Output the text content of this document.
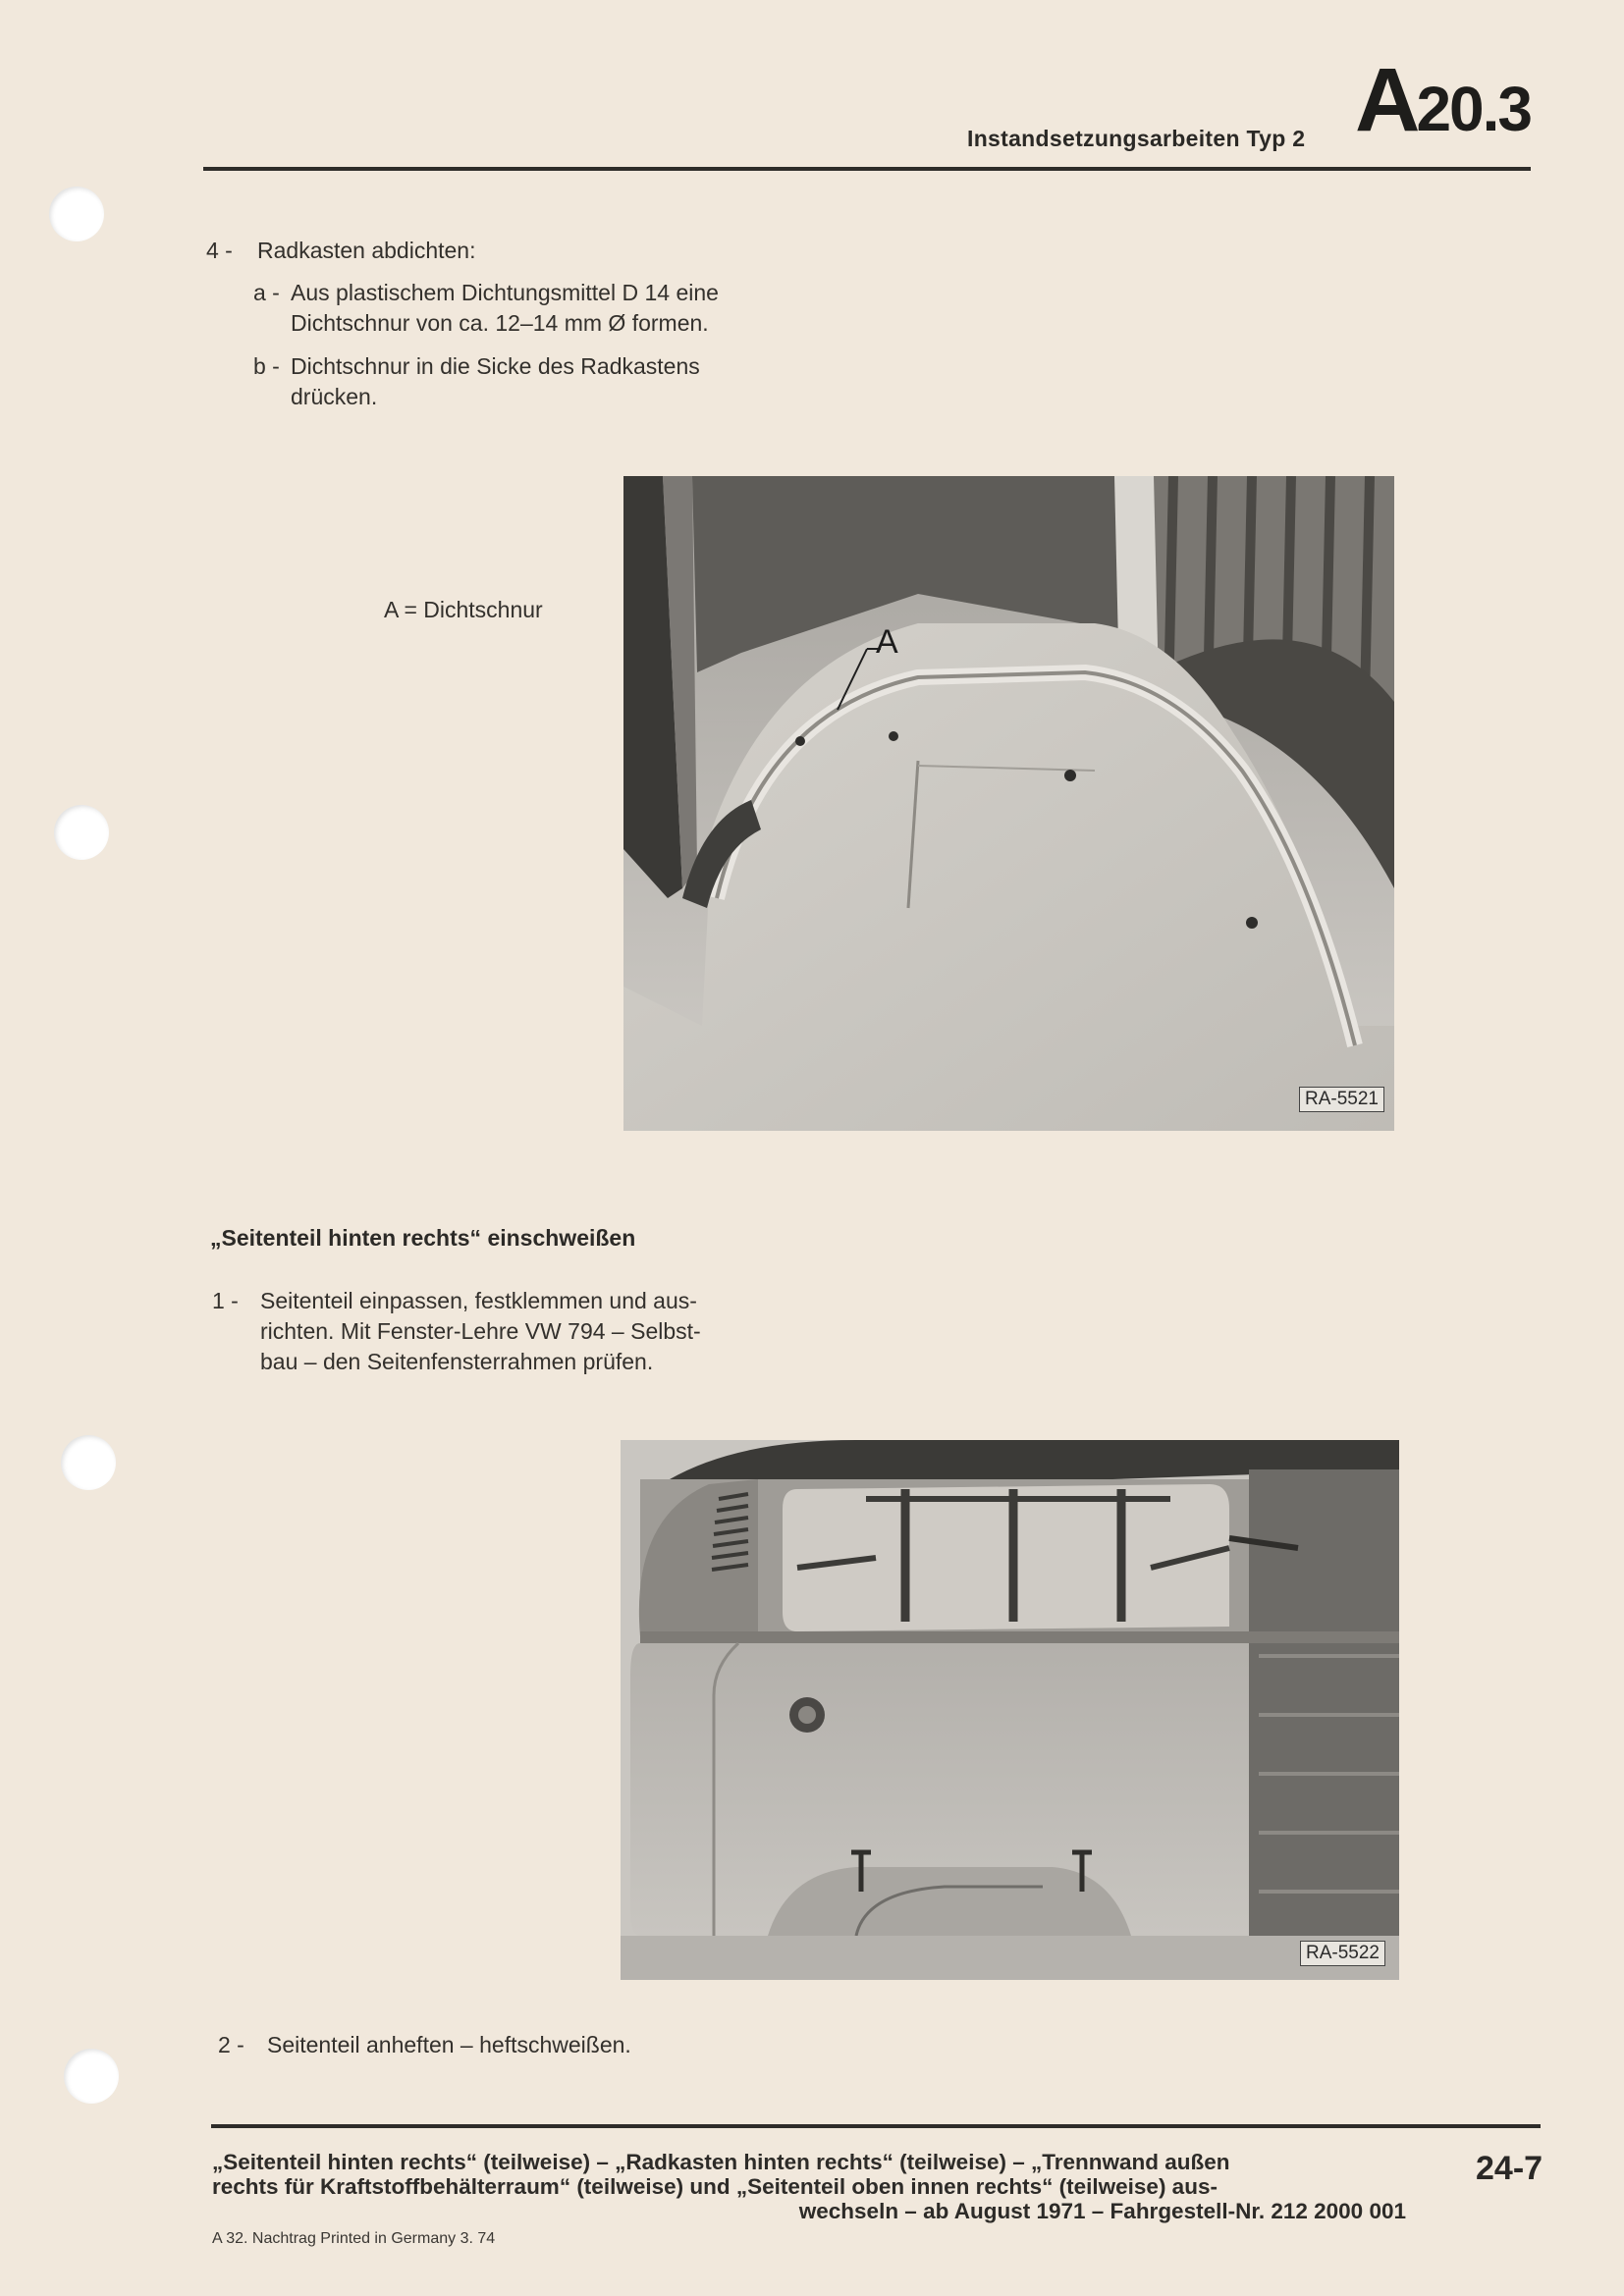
Instandsetzungsarbeiten Typ 2 A20.3
4 - Radkasten abdichten:
a - Aus plastischem Dichtungsmittel D 14 eine
Dichtschnur von ca. 12–14 mm Ø formen.
b - Dichtschnur in die Sicke des Radkastens
drücken.
A = Dichtschnur
A
RA-5521
„Seitenteil hinten rechts“ einschweißen
1 - Seitenteil einpassen, festklemmen und aus-
richten. Mit Fenster-Lehre VW 794 – Selbst-
bau – den Seitenfensterrahmen prüfen.
RA-5522
2 - Seitenteil anheften – heftschweißen.
„Seitenteil hinten rechts“ (teilweise) – „Radkasten hinten rechts“ (teilweise) – „Trennwand außen
rechts für Kraftstoffbehälterraum“ (teilweise) und „Seitenteil oben innen rechts“ (teilweise) aus-
wechseln – ab August 1971 – Fahrgestell-Nr. 212 2000 001
24-7
A 32. Nachtrag Printed in Germany 3. 74
